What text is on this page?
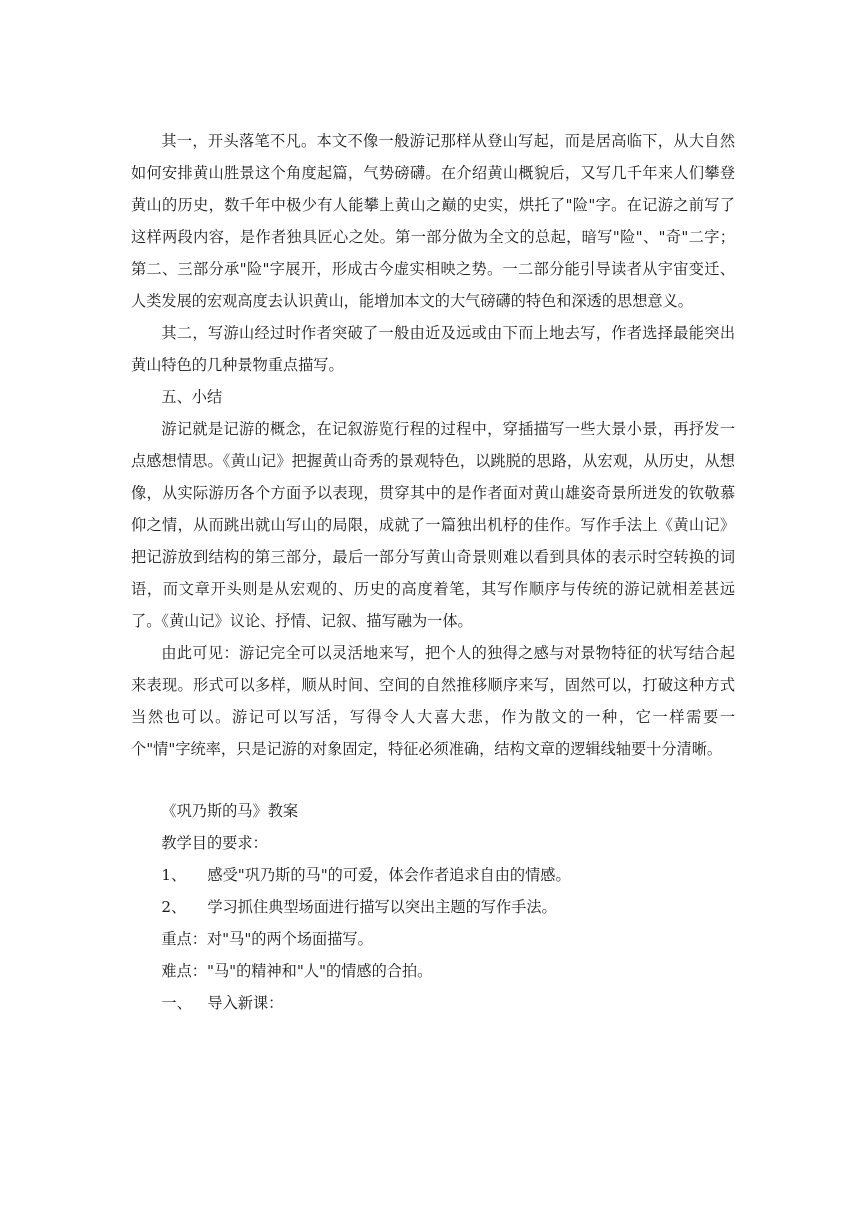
其一，开头落笔不凡。本文不像一般游记那样从登山写起，而是居高临下，从大自然如何安排黄山胜景这个角度起篇，气势磅礴。在介绍黄山概貌后，又写几千年来人们攀登黄山的历史，数千年中极少有人能攀上黄山之巅的史实，烘托了"险"字。在记游之前写了这样两段内容，是作者独具匠心之处。第一部分做为全文的总起，暗写"险"、"奇"二字；第二、三部分承"险"字展开，形成古今虚实相映之势。一二部分能引导读者从宇宙变迁、人类发展的宏观高度去认识黄山，能增加本文的大气磅礴的特色和深透的思想意义。

其二，写游山经过时作者突破了一般由近及远或由下而上地去写，作者选择最能突出黄山特色的几种景物重点描写。

五、小结

游记就是记游的概念，在记叙游览行程的过程中，穿插描写一些大景小景，再抒发一点感想情思。《黄山记》把握黄山奇秀的景观特色，以跳脱的思路，从宏观，从历史，从想像，从实际游历各个方面予以表现，贯穿其中的是作者面对黄山雄姿奇景所迸发的钦敬慕仰之情，从而跳出就山写山的局限，成就了一篇独出机杼的佳作。写作手法上《黄山记》把记游放到结构的第三部分，最后一部分写黄山奇景则难以看到具体的表示时空转换的词语，而文章开头则是从宏观的、历史的高度着笔，其写作顺序与传统的游记就相差甚远了。《黄山记》议论、抒情、记叙、描写融为一体。

由此可见：游记完全可以灵活地来写，把个人的独得之感与对景物特征的状写结合起来表现。形式可以多样，顺从时间、空间的自然推移顺序来写，固然可以，打破这种方式当然也可以。游记可以写活，写得令人大喜大悲，作为散文的一种，它一样需要一个"情"字统率，只是记游的对象固定，特征必须准确，结构文章的逻辑线轴要十分清晰。

《巩乃斯的马》教案

教学目的要求：

1、 感受"巩乃斯的马"的可爱，体会作者追求自由的情感。

2、 学习抓住典型场面进行描写以突出主题的写作手法。

重点：对"马"的两个场面描写。

难点："马"的精神和"人"的情感的合拍。

一、 导入新课：
